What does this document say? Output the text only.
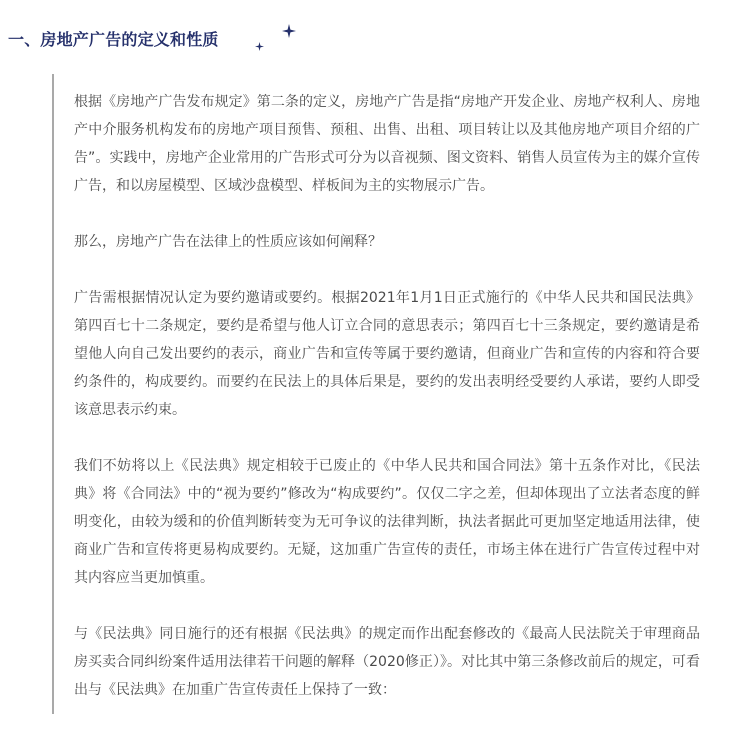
一、房地产广告的定义和性质

根据《房地产广告发布规定》第二条的定义，房地产广告是指“房地产开发企业、房地产权利人、房地产中介服务机构发布的房地产项目预售、预租、出售、出租、项目转让以及其他房地产项目介绍的广告”。实践中，房地产企业常用的广告形式可分为以音视频、图文资料、销售人员宣传为主的媒介宣传广告，和以房屋模型、区域沙盘模型、样板间为主的实物展示广告。

那么，房地产广告在法律上的性质应该如何阐释？

广告需根据情况认定为要约邀请或要约。根据2021年1月1日正式施行的《中华人民共和国民法典》第四百七十二条规定，要约是希望与他人订立合同的意思表示；第四百七十三条规定，要约邀请是希望他人向自己发出要约的表示，商业广告和宣传等属于要约邀请，但商业广告和宣传的内容和符合要约条件的，构成要约。而要约在民法上的具体后果是，要约的发出表明经受要约人承诺，要约人即受该意思表示约束。

我们不妨将以上《民法典》规定相较于已废止的《中华人民共和国合同法》第十五条作对比，《民法典》将《合同法》中的“视为要约”修改为“构成要约”。仅仅二字之差，但却体现出了立法者态度的鲜明变化，由较为缓和的价值判断转变为无可争议的法律判断，执法者据此可更加坚定地适用法律，使商业广告和宣传将更易构成要约。无疑，这加重广告宣传的责任，市场主体在进行广告宣传过程中对其内容应当更加慎重。

与《民法典》同日施行的还有根据《民法典》的规定而作出配套修改的《最高人民法院关于审理商品房买卖合同纠纷案件适用法律若干问题的解释（2020修正）》。对比其中第三条修改前后的规定，可看出与《民法典》在加重广告宣传责任上保持了一致：
